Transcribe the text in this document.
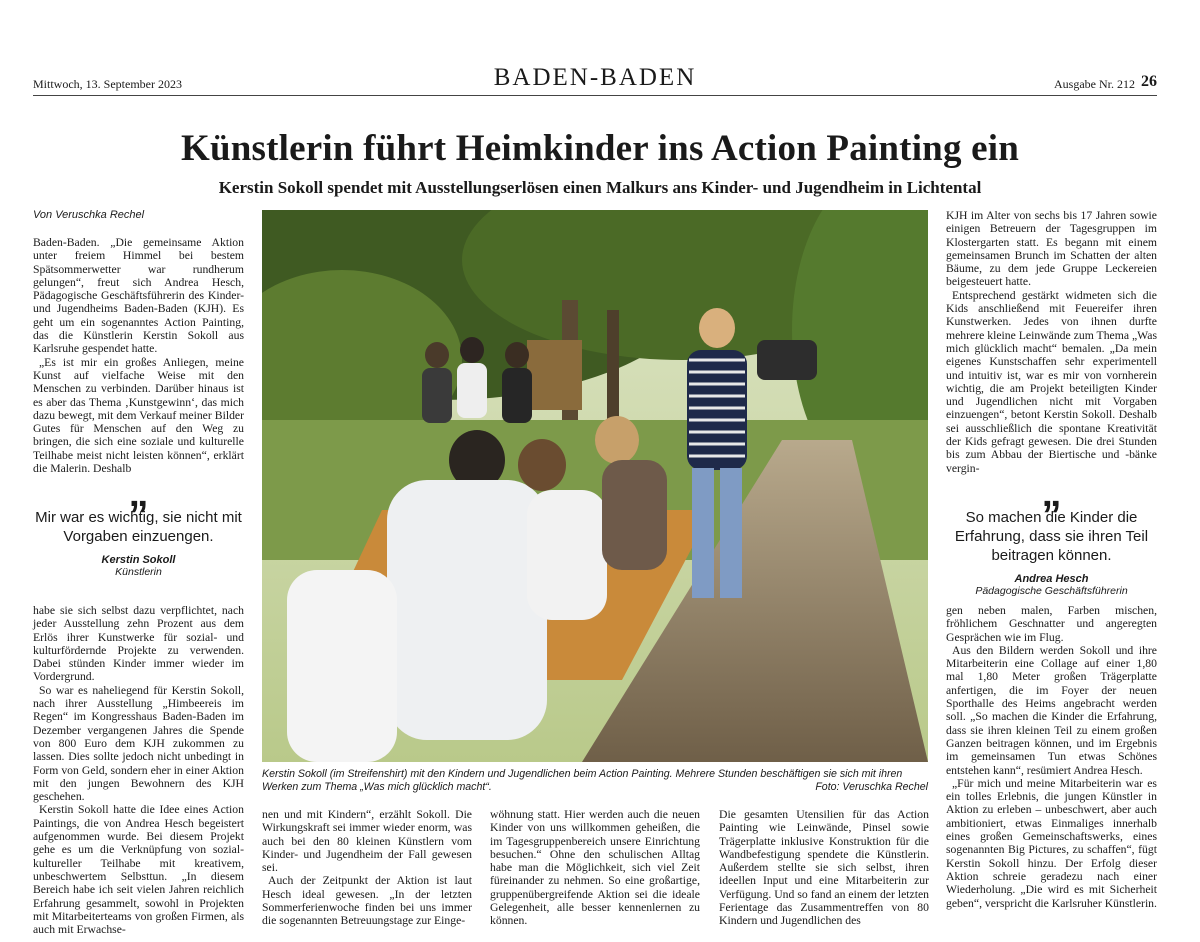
Mittwoch, 13. September 2023	BADEN-BADEN	Ausgabe Nr. 212 26
Künstlerin führt Heimkinder ins Action Painting ein
Kerstin Sokoll spendet mit Ausstellungserlösen einen Malkurs ans Kinder- und Jugendheim in Lichtental
Von Veruschka Rechel

Baden-Baden. „Die gemeinsame Aktion unter freiem Himmel bei bestem Spätsommerwetter war rundherum gelungen“, freut sich Andrea Hesch, Pädagogische Geschäftsführerin des Kinder- und Jugendheims Baden-Baden (KJH). Es geht um ein sogenanntes Action Painting, das die Künstlerin Kerstin Sokoll aus Karlsruhe gespendet hatte.

„Es ist mir ein großes Anliegen, meine Kunst auf vielfache Weise mit den Menschen zu verbinden. Darüber hinaus ist es aber das Thema ‚Kunstgewinn‘, das mich dazu bewegt, mit dem Verkauf meiner Bilder Gutes für Menschen auf den Weg zu bringen, die sich eine soziale und kulturelle Teilhabe meist nicht leisten können“, erklärt die Malerin. Deshalb

„
Mir war es wichtig, sie nicht mit Vorgaben einzuengen.
Kerstin Sokoll
Künstlerin

habe sie sich selbst dazu verpflichtet, nach jeder Ausstellung zehn Prozent aus dem Erlös ihrer Kunstwerke für sozial- und kulturfördernde Projekte zu verwenden. Dabei stünden Kinder immer wieder im Vordergrund.

So war es naheliegend für Kerstin Sokoll, nach ihrer Ausstellung „Himbeereis im Regen“ im Kongresshaus Baden-Baden im Dezember vergangenen Jahres die Spende von 800 Euro dem KJH zukommen zu lassen. Dies sollte jedoch nicht unbedingt in Form von Geld, sondern eher in einer Aktion mit den jungen Bewohnern des KJH geschehen.

Kerstin Sokoll hatte die Idee eines Action Paintings, die von Andrea Hesch begeistert aufgenommen wurde. Bei diesem Projekt gehe es um die Verknüpfung von sozial-kultureller Teilhabe mit kreativem, unbeschwertem Selbsttun. „In diesem Bereich habe ich seit vielen Jahren reichlich Erfahrung gesammelt, sowohl in Projekten mit Mitarbeiterteams von großen Firmen, als auch mit Erwachse-

Kerstin Sokoll (im Streifenshirt) mit den Kindern und Jugendlichen beim Action Painting. Mehrere Stunden beschäftigen sie sich mit ihren Werken zum Thema „Was mich glücklich macht“.	Foto: Veruschka Rechel

nen und mit Kindern“, erzählt Sokoll. Die Wirkungskraft sei immer wieder enorm, was auch bei den 80 kleinen Künstlern vom Kinder- und Jugendheim der Fall gewesen sei.

Auch der Zeitpunkt der Aktion ist laut Hesch ideal gewesen. „In der letzten Sommerferienwoche finden bei uns immer die sogenannten Betreuungstage zur Einge-

wöhnung statt. Hier werden auch die neuen Kinder von uns willkommen geheißen, die im Tagesgruppenbereich unsere Einrichtung besuchen.“ Ohne den schulischen Alltag habe man die Möglichkeit, sich viel Zeit füreinander zu nehmen. So eine großartige, gruppenübergreifende Aktion sei die ideale Gelegenheit, alle besser kennenlernen zu können.

Die gesamten Utensilien für das Action Painting wie Leinwände, Pinsel sowie Trägerplatte inklusive Konstruktion für die Wandbefestigung spendete die Künstlerin. Außerdem stellte sie sich selbst, ihren ideellen Input und eine Mitarbeiterin zur Verfügung. Und so fand an einem der letzten Ferientage das Zusammentreffen von 80 Kindern und Jugendlichen des

KJH im Alter von sechs bis 17 Jahren sowie einigen Betreuern der Tagesgruppen im Klostergarten statt. Es begann mit einem gemeinsamen Brunch im Schatten der alten Bäume, zu dem jede Gruppe Leckereien beigesteuert hatte.

Entsprechend gestärkt widmeten sich die Kids anschließend mit Feuereifer ihren Kunstwerken. Jedes von ihnen durfte mehrere kleine Leinwände zum Thema „Was mich glücklich macht“ bemalen. „Da mein eigenes Kunstschaffen sehr experimentell und intuitiv ist, war es mir von vornherein wichtig, die am Projekt beteiligten Kinder und Jugendlichen nicht mit Vorgaben einzuengen“, betont Kerstin Sokoll. Deshalb sei ausschließlich die spontane Kreativität der Kids gefragt gewesen. Die drei Stunden bis zum Abbau der Biertische und -bänke vergin-

„
So machen die Kinder die Erfahrung, dass sie ihren Teil beitragen können.
Andrea Hesch
Pädagogische Geschäftsführerin

gen neben malen, Farben mischen, fröhlichem Geschnatter und angeregten Gesprächen wie im Flug.

Aus den Bildern werden Sokoll und ihre Mitarbeiterin eine Collage auf einer 1,80 mal 1,80 Meter großen Trägerplatte anfertigen, die im Foyer der neuen Sporthalle des Heims angebracht werden soll. „So machen die Kinder die Erfahrung, dass sie ihren kleinen Teil zu einem großen Ganzen beitragen können, und im Ergebnis im gemeinsamen Tun etwas Schönes entstehen kann“, resümiert Andrea Hesch.

„Für mich und meine Mitarbeiterin war es ein tolles Erlebnis, die jungen Künstler in Aktion zu erleben – unbeschwert, aber auch ambitioniert, etwas Einmaliges innerhalb eines großen Gemeinschaftswerks, eines sogenannten Big Pictures, zu schaffen“, fügt Kerstin Sokoll hinzu. Der Erfolg dieser Aktion schreie geradezu nach einer Wiederholung. „Die wird es mit Sicherheit geben“, verspricht die Karlsruher Künstlerin.
